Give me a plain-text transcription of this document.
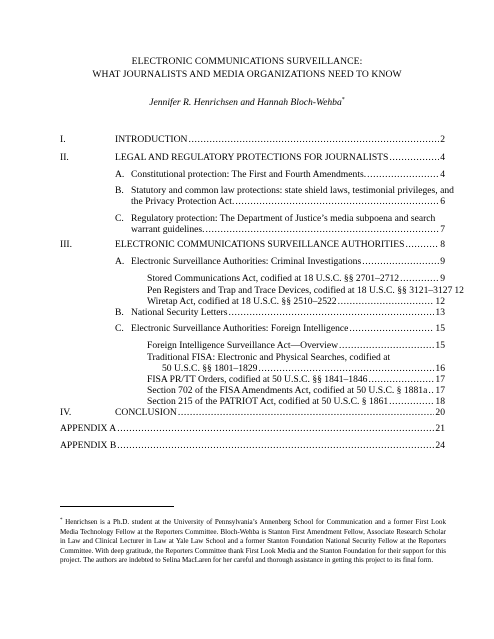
ELECTRONIC COMMUNICATIONS SURVEILLANCE:
WHAT JOURNALISTS AND MEDIA ORGANIZATIONS NEED TO KNOW
Jennifer R. Henrichsen and Hannah Bloch-Wehba*
I.	INTRODUCTION .....	2
II.	LEGAL AND REGULATORY PROTECTIONS FOR JOURNALISTS .....	4
A. Constitutional protection: The First and Fourth Amendments. .....	4
B. Statutory and common law protections: state shield laws, testimonial privileges, and
the Privacy Protection Act. .....	6
C. Regulatory protection: The Department of Justice’s media subpoena and search
warrant guidelines. .....	7
III.	ELECTRONIC COMMUNICATIONS SURVEILLANCE AUTHORITIES .....	8
A. Electronic Surveillance Authorities: Criminal Investigations .....	9
Stored Communications Act, codified at 18 U.S.C. §§ 2701–2712 .....	9
Pen Registers and Trap and Trace Devices, codified at 18 U.S.C. §§ 3121–3127 12
Wiretap Act, codified at 18 U.S.C. §§ 2510–2522 .....	12
B. National Security Letters .....	13
C. Electronic Surveillance Authorities: Foreign Intelligence .....	15
Foreign Intelligence Surveillance Act—Overview .....	15
Traditional FISA: Electronic and Physical Searches, codified at
50 U.S.C. §§ 1801–1829 .....	16
FISA PR/TT Orders, codified at 50 U.S.C. §§ 1841–1846 .....	17
Section 702 of the FISA Amendments Act, codified at 50 U.S.C. § 1881a ..... 17
Section 215 of the PATRIOT Act, codified at 50 U.S.C. § 1861 .....	18
IV.	CONCLUSION .....	20
APPENDIX A .....	21
APPENDIX B .....	24
* Henrichsen is a Ph.D. student at the University of Pennsylvania’s Annenberg School for Communication and a former First Look Media Technology Fellow at the Reporters Committee. Bloch-Wehba is Stanton First Amendment Fellow, Associate Research Scholar in Law and Clinical Lecturer in Law at Yale Law School and a former Stanton Foundation National Security Fellow at the Reporters Committee. With deep gratitude, the Reporters Committee thank First Look Media and the Stanton Foundation for their support for this project. The authors are indebted to Selina MacLaren for her careful and thorough assistance in getting this project to its final form.
